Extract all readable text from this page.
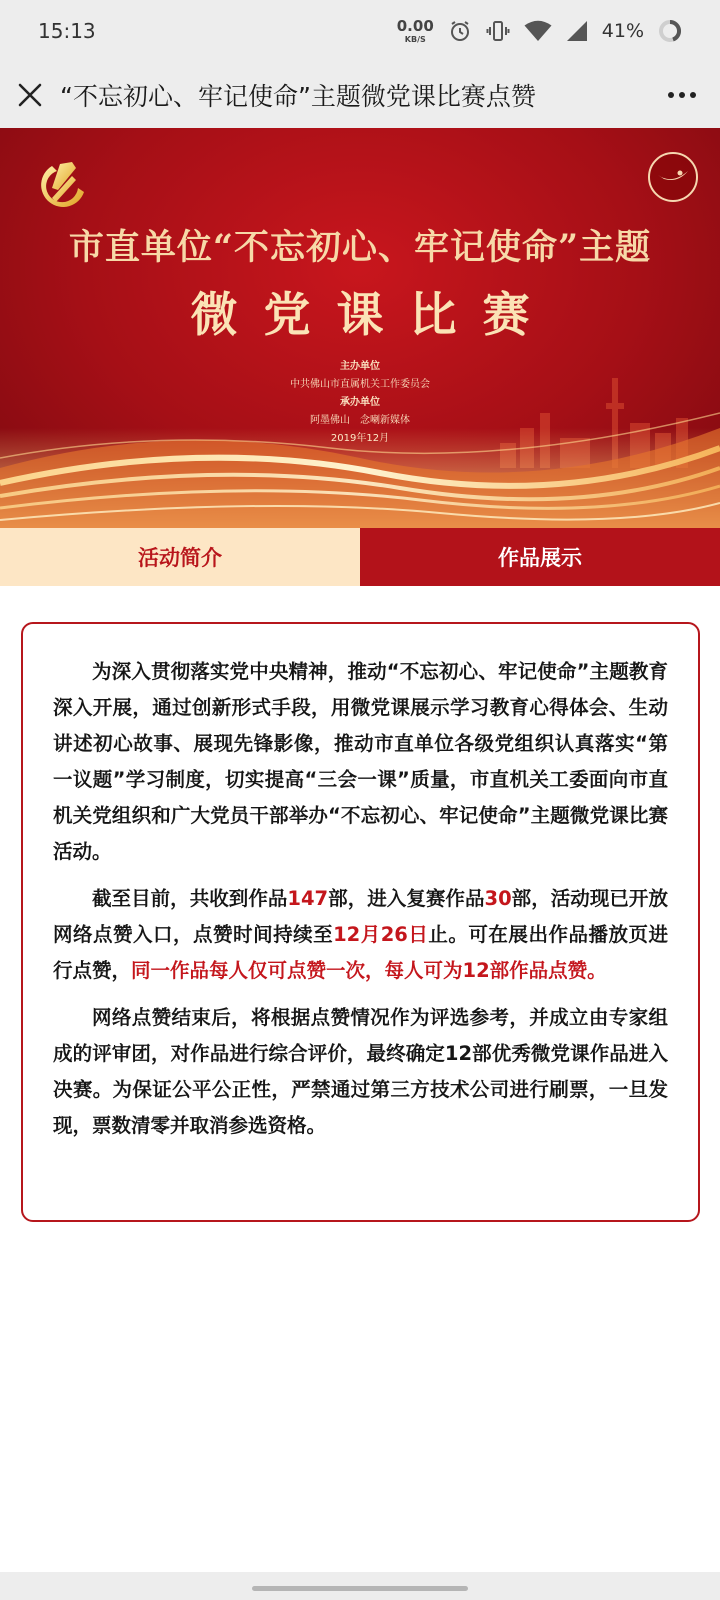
15:13	0.00
KB/S	41%
“不忘初心、牢记使命”主题微党课比赛点赞
市直单位“不忘初心、牢记使命”主题
微党课比赛
主办单位
中共佛山市直属机关工作委员会
承办单位
阿墨佛山　念喇新媒体
2019年12月
活动简介	作品展示

为深入贯彻落实党中央精神，推动“不忘初心、牢记使命”主题教育深入开展，通过创新形式手段，用微党课展示学习教育心得体会、生动讲述初心故事、展现先锋影像，推动市直单位各级党组织认真落实“第一议题”学习制度，切实提高“三会一课”质量，市直机关工委面向市直机关党组织和广大党员干部举办“不忘初心、牢记使命”主题微党课比赛活动。

截至目前，共收到作品147部，进入复赛作品30部，活动现已开放网络点赞入口，点赞时间持续至12月26日止。可在展出作品播放页进行点赞，同一作品每人仅可点赞一次，每人可为12部作品点赞。

网络点赞结束后，将根据点赞情况作为评选参考，并成立由专家组成的评审团，对作品进行综合评价，最终确定12部优秀微党课作品进入决赛。为保证公平公正性，严禁通过第三方技术公司进行刷票，一旦发现，票数清零并取消参选资格。
